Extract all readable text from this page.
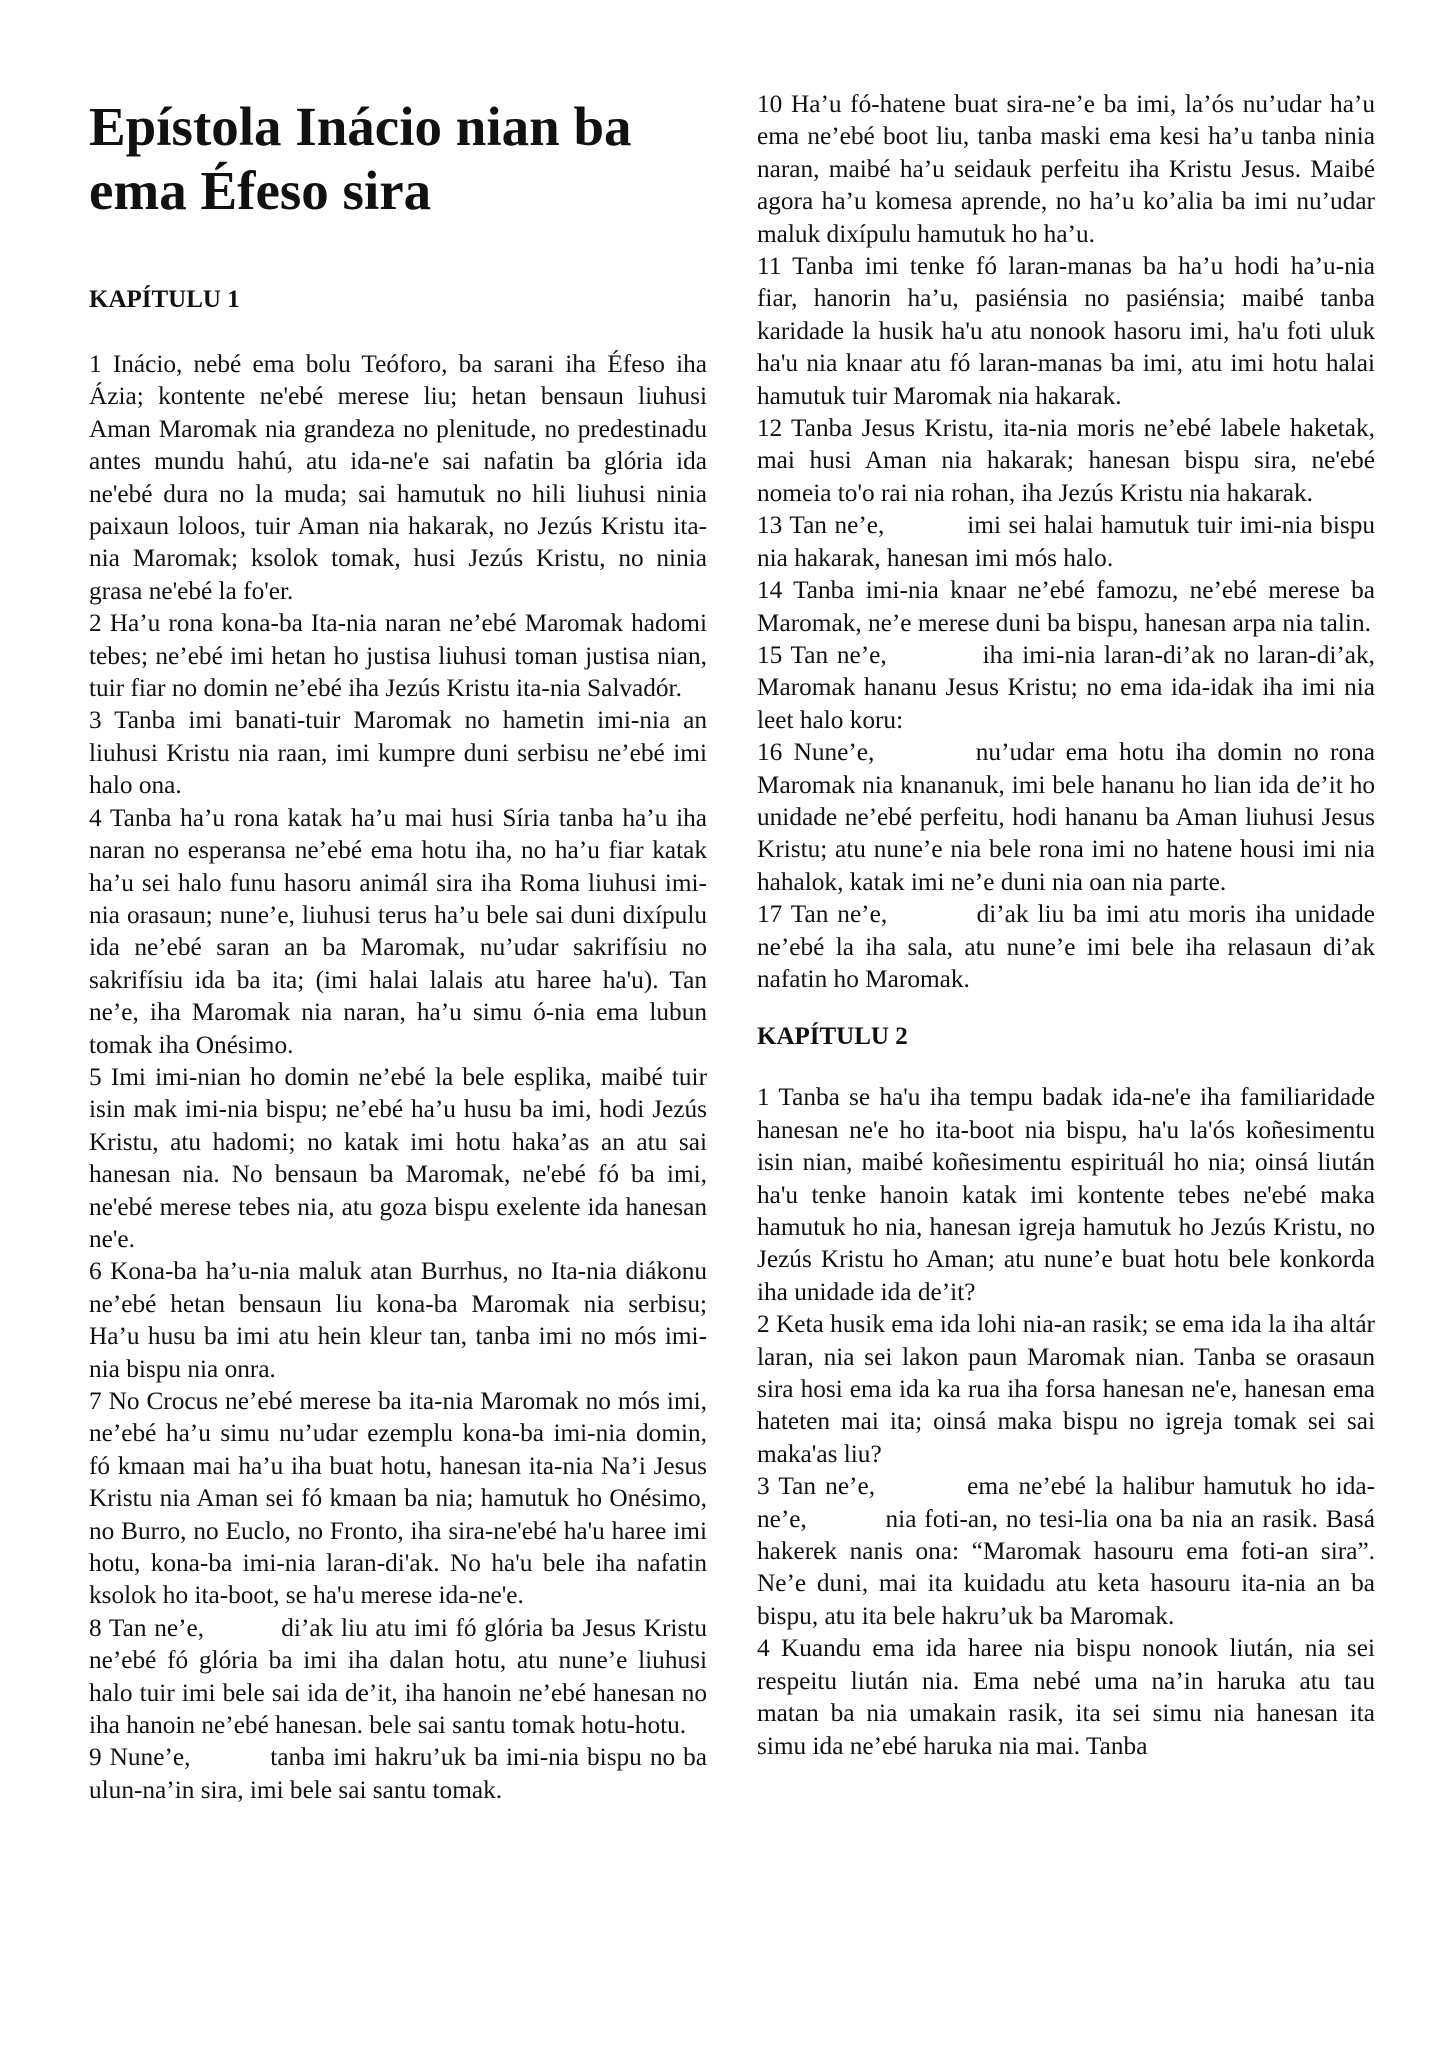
Epístola Inácio nian ba ema Éfeso sira
KAPÍTULU 1

1 Inácio, nebé ema bolu Teóforo, ba sarani iha Éfeso iha Ázia; kontente ne'ebé merese liu; hetan bensaun liuhusi Aman Maromak nia grandeza no plenitude, no predestinadu antes mundu hahú, atu ida-ne'e sai nafatin ba glória ida ne'ebé dura no la muda; sai hamutuk no hili liuhusi ninia paixaun loloos, tuir Aman nia hakarak, no Jezús Kristu ita-nia Maromak; ksolok tomak, husi Jezús Kristu, no ninia grasa ne'ebé la fo'er.

2 Ha’u rona kona-ba Ita-nia naran ne’ebé Maromak hadomi tebes; ne’ebé imi hetan ho justisa liuhusi toman justisa nian, tuir fiar no domin ne’ebé iha Jezús Kristu ita-nia Salvadór.

3 Tanba imi banati-tuir Maromak no hametin imi-nia an liuhusi Kristu nia raan, imi kumpre duni serbisu ne’ebé imi halo ona.

4 Tanba ha’u rona katak ha’u mai husi Síria tanba ha’u iha naran no esperansa ne’ebé ema hotu iha, no ha’u fiar katak ha’u sei halo funu hasoru animál sira iha Roma liuhusi imi-nia orasaun; nune’e, liuhusi terus ha’u bele sai duni dixípulu ida ne’ebé saran an ba Maromak, nu’udar sakrifísiu no sakrifísiu ida ba ita; (imi halai lalais atu haree ha'u). Tan ne’e, iha Maromak nia naran, ha’u simu ó-nia ema lubun tomak iha Onésimo.

5 Imi imi-nian ho domin ne’ebé la bele esplika, maibé tuir isin mak imi-nia bispu; ne’ebé ha’u husu ba imi, hodi Jezús Kristu, atu hadomi; no katak imi hotu haka’as an atu sai hanesan nia. No bensaun ba Maromak, ne'ebé fó ba imi, ne'ebé merese tebes nia, atu goza bispu exelente ida hanesan ne'e.

6 Kona-ba ha’u-nia maluk atan Burrhus, no Ita-nia diákonu ne’ebé hetan bensaun liu kona-ba Maromak nia serbisu; Ha’u husu ba imi atu hein kleur tan, tanba imi no mós imi-nia bispu nia onra.

7 No Crocus ne’ebé merese ba ita-nia Maromak no mós imi, ne’ebé ha’u simu nu’udar ezemplu kona-ba imi-nia domin, fó kmaan mai ha’u iha buat hotu, hanesan ita-nia Na’i Jesus Kristu nia Aman sei fó kmaan ba nia; hamutuk ho Onésimo, no Burro, no Euclo, no Fronto, iha sira-ne'ebé ha'u haree imi hotu, kona-ba imi-nia laran-di'ak. No ha'u bele iha nafatin ksolok ho ita-boot, se ha'u merese ida-ne'e.

8 Tan ne’e,          di’ak liu atu imi fó glória ba Jesus Kristu ne’ebé fó glória ba imi iha dalan hotu, atu nune’e liuhusi halo tuir imi bele sai ida de’it, iha hanoin ne’ebé hanesan no iha hanoin ne’ebé hanesan. bele sai santu tomak hotu-hotu.

9 Nune’e,          tanba imi hakru’uk ba imi-nia bispu no ba ulun-na’in sira, imi bele sai santu tomak.

10 Ha’u fó-hatene buat sira-ne’e ba imi, la’ós nu’udar ha’u ema ne’ebé boot liu, tanba maski ema kesi ha’u tanba ninia naran, maibé ha’u seidauk perfeitu iha Kristu Jesus. Maibé agora ha’u komesa aprende, no ha’u ko’alia ba imi nu’udar maluk dixípulu hamutuk ho ha’u.

11 Tanba imi tenke fó laran-manas ba ha’u hodi ha’u-nia fiar, hanorin ha’u, pasiénsia no pasiénsia; maibé tanba karidade la husik ha'u atu nonook hasoru imi, ha'u foti uluk ha'u nia knaar atu fó laran-manas ba imi, atu imi hotu halai hamutuk tuir Maromak nia hakarak.

12 Tanba Jesus Kristu, ita-nia moris ne’ebé labele haketak, mai husi Aman nia hakarak; hanesan bispu sira, ne'ebé nomeia to'o rai nia rohan, iha Jezús Kristu nia hakarak.

13 Tan ne’e,           imi sei halai hamutuk tuir imi-nia bispu nia hakarak, hanesan imi mós halo.

14 Tanba imi-nia knaar ne’ebé famozu, ne’ebé merese ba Maromak, ne’e merese duni ba bispu, hanesan arpa nia talin.

15 Tan ne’e,           iha imi-nia laran-di’ak no laran-di’ak, Maromak hananu Jesus Kristu; no ema ida-idak iha imi nia leet halo koru:

16 Nune’e,         nu’udar ema hotu iha domin no rona Maromak nia knananuk, imi bele hananu ho lian ida de’it ho unidade ne’ebé perfeitu, hodi hananu ba Aman liuhusi Jesus Kristu; atu nune’e nia bele rona imi no hatene housi imi nia hahalok, katak imi ne’e duni nia oan nia parte.

17 Tan ne’e,          di’ak liu ba imi atu moris iha unidade ne’ebé la iha sala, atu nune’e imi bele iha relasaun di’ak nafatin ho Maromak.

KAPÍTULU 2

1 Tanba se ha'u iha tempu badak ida-ne'e iha familiaridade hanesan ne'e ho ita-boot nia bispu, ha'u la'ós koñesimentu isin nian, maibé koñesimentu espirituál ho nia; oinsá liután ha'u tenke hanoin katak imi kontente tebes ne'ebé maka hamutuk ho nia, hanesan igreja hamutuk ho Jezús Kristu, no Jezús Kristu ho Aman; atu nune’e buat hotu bele konkorda iha unidade ida de’it?

2 Keta husik ema ida lohi nia-an rasik; se ema ida la iha altár laran, nia sei lakon paun Maromak nian. Tanba se orasaun sira hosi ema ida ka rua iha forsa hanesan ne'e, hanesan ema hateten mai ita; oinsá maka bispu no igreja tomak sei sai maka'as liu?

3 Tan ne’e,          ema ne’ebé la halibur hamutuk ho ida-ne’e,          nia foti-an, no tesi-lia ona ba nia an rasik. Basá hakerek nanis ona: “Maromak hasouru ema foti-an sira”. Ne’e duni, mai ita kuidadu atu keta hasouru ita-nia an ba bispu, atu ita bele hakru’uk ba Maromak.

4 Kuandu ema ida haree nia bispu nonook liután, nia sei respeitu liután nia. Ema nebé uma na’in haruka atu tau matan ba nia umakain rasik, ita sei simu nia hanesan ita simu ida ne’ebé haruka nia mai. Tanba
